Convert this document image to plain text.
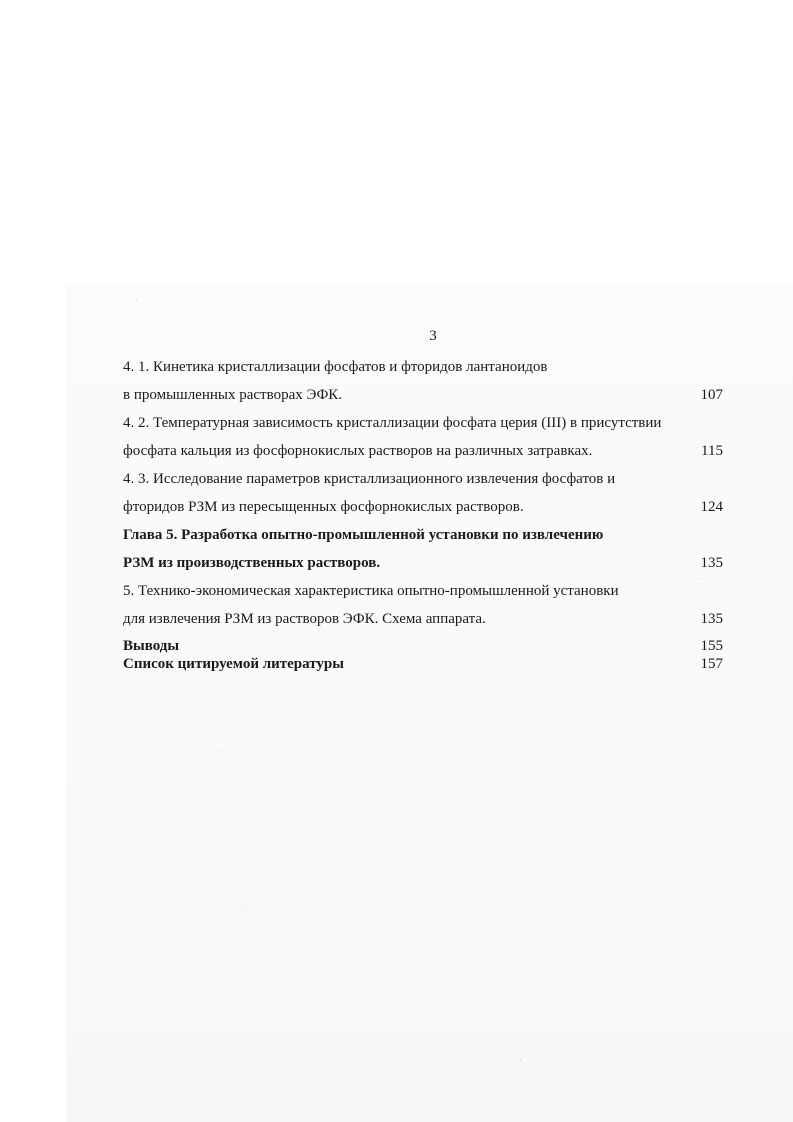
3
4. 1. Кинетика кристаллизации фосфатов и фторидов лантаноидов
в промышленных растворах ЭФК.	107
4. 2. Температурная зависимость кристаллизации фосфата церия (III) в присутствии
фосфата кальция из фосфорнокислых растворов на различных затравках.	115
4. 3. Исследование параметров кристаллизационного извлечения фосфатов и
фторидов РЗМ из пересыщенных фосфорнокислых растворов.	124
Глава 5. Разработка опытно-промышленной установки по извлечению
РЗМ из производственных растворов.	135
5. Технико-экономическая характеристика опытно-промышленной установки
для извлечения РЗМ из растворов ЭФК. Схема аппарата.	135
Выводы	155
Список цитируемой литературы	157
